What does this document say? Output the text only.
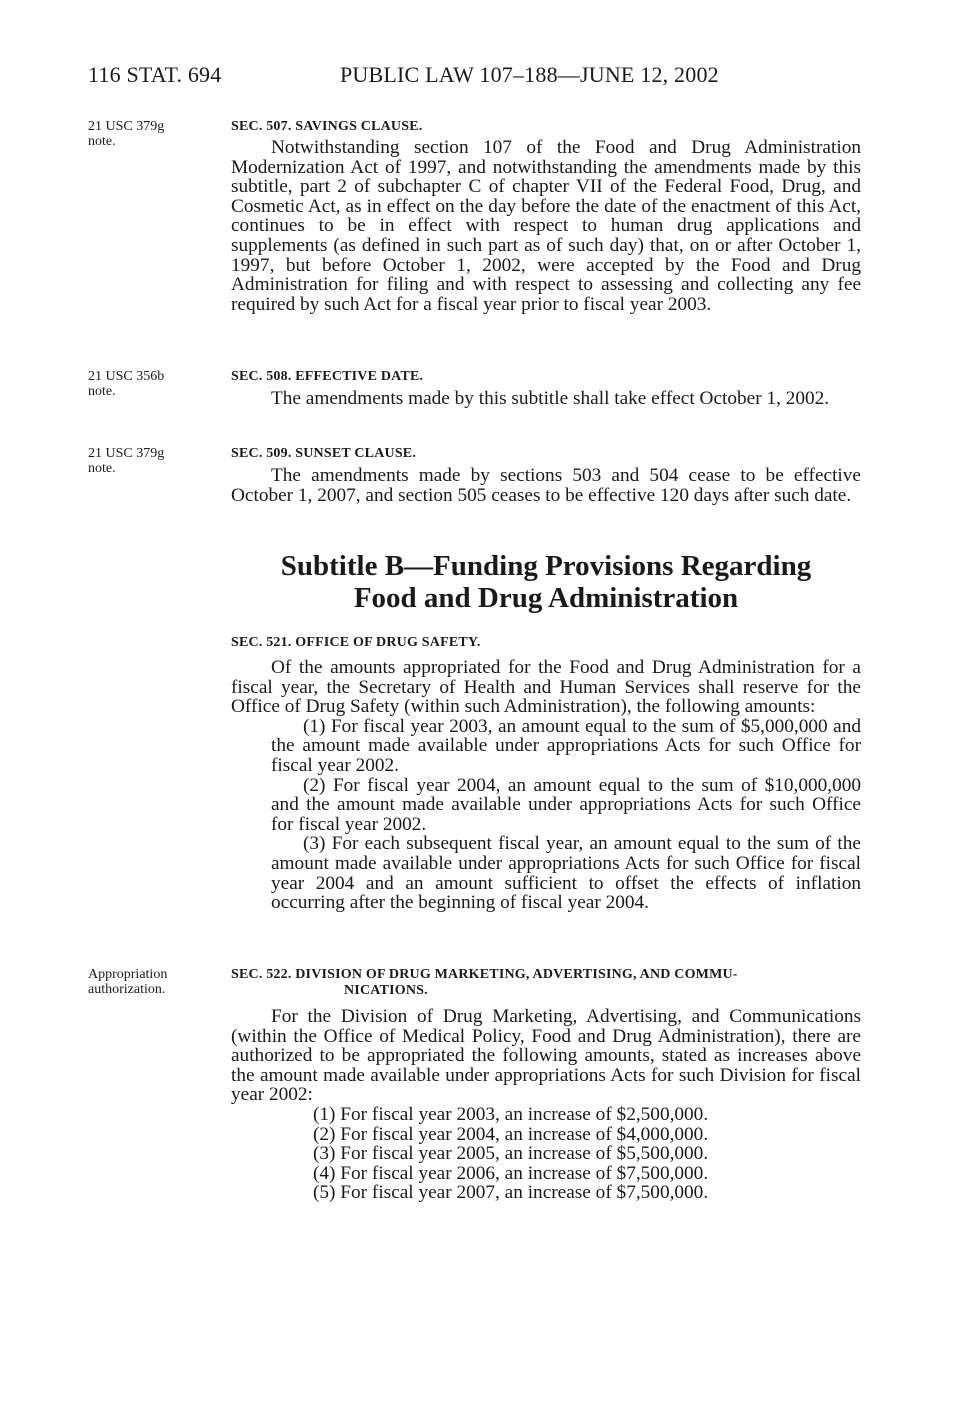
116 STAT. 694	PUBLIC LAW 107–188—JUNE 12, 2002
21 USC 379g note.
21 USC 356b note.
21 USC 379g note.
Appropriation authorization.
SEC. 507. SAVINGS CLAUSE.

Notwithstanding section 107 of the Food and Drug Administration Modernization Act of 1997, and notwithstanding the amendments made by this subtitle, part 2 of subchapter C of chapter VII of the Federal Food, Drug, and Cosmetic Act, as in effect on the day before the date of the enactment of this Act, continues to be in effect with respect to human drug applications and supplements (as defined in such part as of such day) that, on or after October 1, 1997, but before October 1, 2002, were accepted by the Food and Drug Administration for filing and with respect to assessing and collecting any fee required by such Act for a fiscal year prior to fiscal year 2003.

SEC. 508. EFFECTIVE DATE.

The amendments made by this subtitle shall take effect October 1, 2002.

SEC. 509. SUNSET CLAUSE.

The amendments made by sections 503 and 504 cease to be effective October 1, 2007, and section 505 ceases to be effective 120 days after such date.

Subtitle B—Funding Provisions Regarding
Food and Drug Administration
SEC. 521. OFFICE OF DRUG SAFETY.

Of the amounts appropriated for the Food and Drug Administration for a fiscal year, the Secretary of Health and Human Services shall reserve for the Office of Drug Safety (within such Administration), the following amounts:

(1) For fiscal year 2003, an amount equal to the sum of $5,000,000 and the amount made available under appropriations Acts for such Office for fiscal year 2002.

(2) For fiscal year 2004, an amount equal to the sum of $10,000,000 and the amount made available under appropriations Acts for such Office for fiscal year 2002.

(3) For each subsequent fiscal year, an amount equal to the sum of the amount made available under appropriations Acts for such Office for fiscal year 2004 and an amount sufficient to offset the effects of inflation occurring after the beginning of fiscal year 2004.

SEC. 522. DIVISION OF DRUG MARKETING, ADVERTISING, AND COMMU-
NICATIONS.

For the Division of Drug Marketing, Advertising, and Communications (within the Office of Medical Policy, Food and Drug Administration), there are authorized to be appropriated the following amounts, stated as increases above the amount made available under appropriations Acts for such Division for fiscal year 2002:

(1) For fiscal year 2003, an increase of $2,500,000.

(2) For fiscal year 2004, an increase of $4,000,000.

(3) For fiscal year 2005, an increase of $5,500,000.

(4) For fiscal year 2006, an increase of $7,500,000.

(5) For fiscal year 2007, an increase of $7,500,000.
